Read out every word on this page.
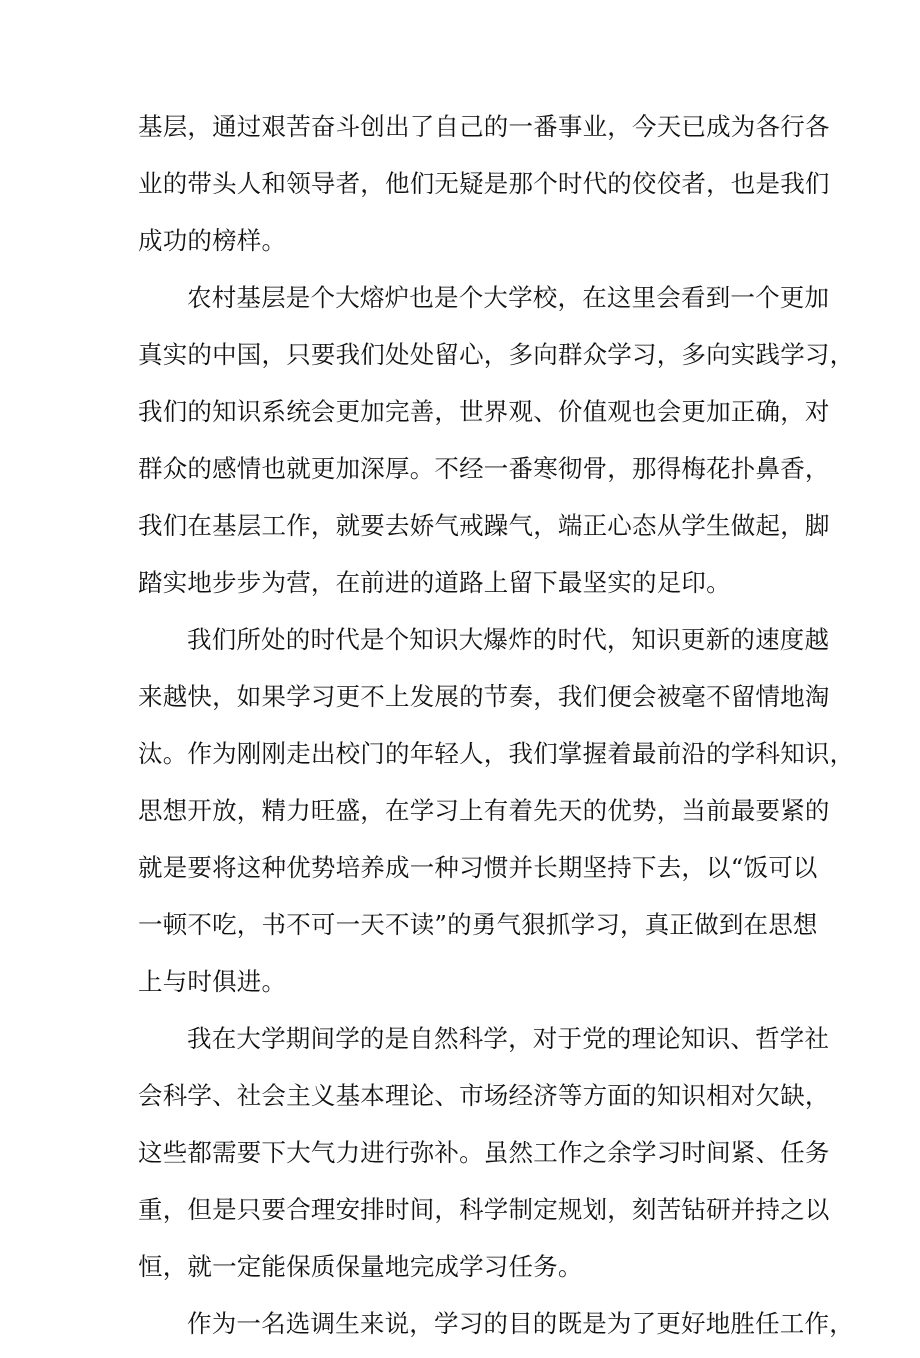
基层，通过艰苦奋斗创出了自己的一番事业，今天已成为各行各
业的带头人和领导者，他们无疑是那个时代的佼佼者，也是我们
成功的榜样。
农村基层是个大熔炉也是个大学校，在这里会看到一个更加
真实的中国，只要我们处处留心，多向群众学习，多向实践学习，
我们的知识系统会更加完善，世界观、价值观也会更加正确，对
群众的感情也就更加深厚。不经一番寒彻骨，那得梅花扑鼻香，
我们在基层工作，就要去娇气戒躁气，端正心态从学生做起，脚
踏实地步步为营，在前进的道路上留下最坚实的足印。
我们所处的时代是个知识大爆炸的时代，知识更新的速度越
来越快，如果学习更不上发展的节奏，我们便会被毫不留情地淘
汰。作为刚刚走出校门的年轻人，我们掌握着最前沿的学科知识，
思想开放，精力旺盛，在学习上有着先天的优势，当前最要紧的
就是要将这种优势培养成一种习惯并长期坚持下去，以“饭可以
一顿不吃，书不可一天不读”的勇气狠抓学习，真正做到在思想
上与时俱进。
我在大学期间学的是自然科学，对于党的理论知识、哲学社
会科学、社会主义基本理论、市场经济等方面的知识相对欠缺，
这些都需要下大气力进行弥补。虽然工作之余学习时间紧、任务
重，但是只要合理安排时间，科学制定规划，刻苦钻研并持之以
恒，就一定能保质保量地完成学习任务。
作为一名选调生来说，学习的目的既是为了更好地胜任工作，
